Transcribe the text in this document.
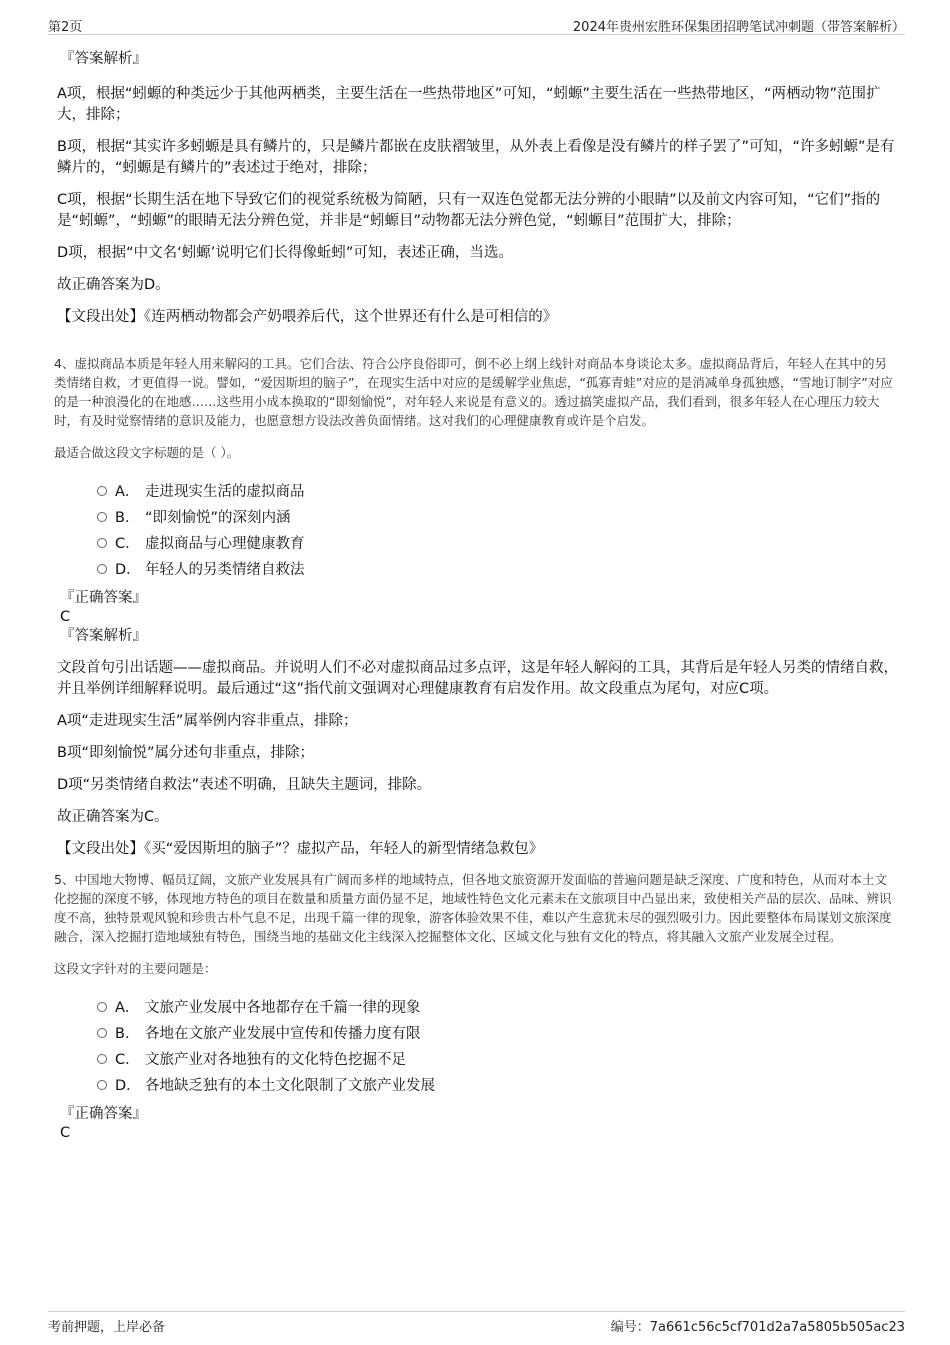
第2页	2024年贵州宏胜环保集团招聘笔试冲刺题（带答案解析）
『答案解析』

A项，根据“蚓螈的种类远少于其他两栖类，主要生活在一些热带地区”可知，“蚓螈”主要生活在一些热带地区，“两栖动物”范围扩大，排除；

B项，根据“其实许多蚓螈是具有鳞片的，只是鳞片都嵌在皮肤褶皱里，从外表上看像是没有鳞片的样子罢了”可知，“许多蚓螈”是有鳞片的，“蚓螈是有鳞片的”表述过于绝对，排除；

C项，根据“长期生活在地下导致它们的视觉系统极为简陋，只有一双连色觉都无法分辨的小眼睛”以及前文内容可知，“它们”指的是“蚓螈”，“蚓螈”的眼睛无法分辨色觉，并非是“蚓螈目”动物都无法分辨色觉，“蚓螈目”范围扩大，排除；

D项，根据“中文名‘蚓螈’说明它们长得像蚯蚓”可知，表述正确，当选。

故正确答案为D。

【文段出处】《连两栖动物都会产奶喂养后代，这个世界还有什么是可相信的》

4、虚拟商品本质是年轻人用来解闷的工具。它们合法、符合公序良俗即可，倒不必上纲上线针对商品本身谈论太多。虚拟商品背后，年轻人在其中的另类情绪自救，才更值得一说。譬如，“爱因斯坦的脑子”，在现实生活中对应的是缓解学业焦虑，“孤寡青蛙”对应的是消减单身孤独感，“雪地订制字”对应的是一种浪漫化的在地感……这些用小成本换取的“即刻愉悦”，对年轻人来说是有意义的。透过搞笑虚拟产品，我们看到，很多年轻人在心理压力较大时，有及时觉察情绪的意识及能力，也愿意想方设法改善负面情绪。这对我们的心理健康教育或许是个启发。

最适合做这段文字标题的是（ ）。

A． 走进现实生活的虚拟商品
B． “即刻愉悦”的深刻内涵
C． 虚拟商品与心理健康教育
D． 年轻人的另类情绪自救法
『正确答案』
C
『答案解析』

文段首句引出话题——虚拟商品。并说明人们不必对虚拟商品过多点评，这是年轻人解闷的工具，其背后是年轻人另类的情绪自救，并且举例详细解释说明。最后通过“这”指代前文强调对心理健康教育有启发作用。故文段重点为尾句，对应C项。

A项“走进现实生活”属举例内容非重点，排除；

B项“即刻愉悦”属分述句非重点，排除；

D项“另类情绪自救法”表述不明确，且缺失主题词，排除。

故正确答案为C。

【文段出处】《买“爱因斯坦的脑子”？虚拟产品，年轻人的新型情绪急救包》

5、中国地大物博、幅员辽阔，文旅产业发展具有广阔而多样的地域特点，但各地文旅资源开发面临的普遍问题是缺乏深度、广度和特色，从而对本土文化挖掘的深度不够，体现地方特色的项目在数量和质量方面仍显不足，地域性特色文化元素未在文旅项目中凸显出来，致使相关产品的层次、品味、辨识度不高，独特景观风貌和珍贵古朴气息不足，出现千篇一律的现象，游客体验效果不佳，难以产生意犹未尽的强烈吸引力。因此要整体布局谋划文旅深度融合，深入挖掘打造地域独有特色，围绕当地的基础文化主线深入挖掘整体文化、区域文化与独有文化的特点，将其融入文旅产业发展全过程。

这段文字针对的主要问题是：

A． 文旅产业发展中各地都存在千篇一律的现象
B． 各地在文旅产业发展中宣传和传播力度有限
C． 文旅产业对各地独有的文化特色挖掘不足
D． 各地缺乏独有的本土文化限制了文旅产业发展
『正确答案』
C
考前押题，上岸必备	编号：7a661c56c5cf701d2a7a5805b505ac23
